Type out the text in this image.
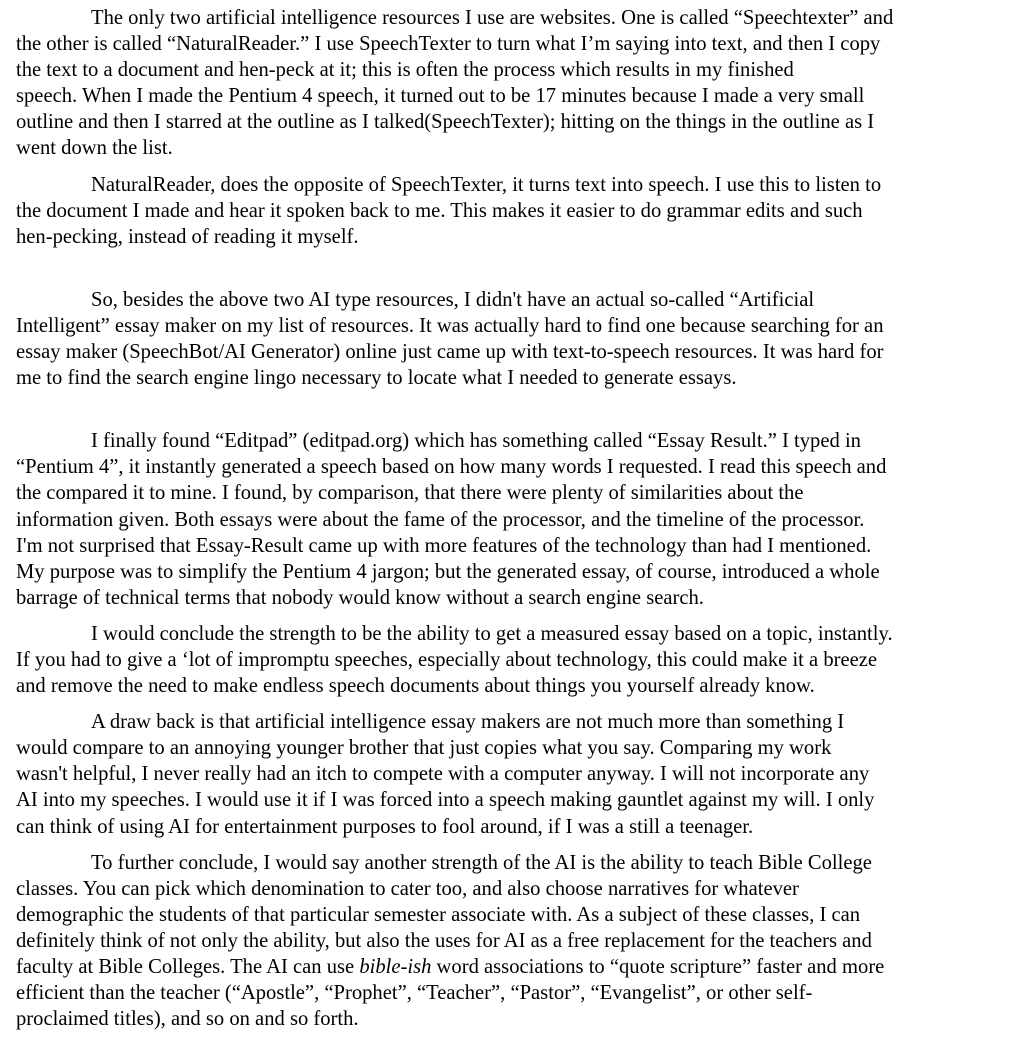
The only two artificial intelligence resources I use are websites. One is called “Speechtexter” and
the other is called “NaturalReader.” I use SpeechTexter to turn what I’m saying into text, and then I copy
the text to a document and hen-peck at it; this is often the process which results in my finished
speech. When I made the Pentium 4 speech, it turned out to be 17 minutes because I made a very small
outline and then I starred at the outline as I talked(SpeechTexter); hitting on the things in the outline as I
went down the list.

NaturalReader, does the opposite of SpeechTexter, it turns text into speech. I use this to listen to
the document I made and hear it spoken back to me. This makes it easier to do grammar edits and such
hen-pecking, instead of reading it myself.

So, besides the above two AI type resources, I didn't have an actual so-called “Artificial
Intelligent” essay maker on my list of resources. It was actually hard to find one because searching for an
essay maker (SpeechBot/AI Generator) online just came up with text-to-speech resources. It was hard for
me to find the search engine lingo necessary to locate what I needed to generate essays.

I finally found “Editpad” (editpad.org) which has something called “Essay Result.” I typed in
“Pentium 4”, it instantly generated a speech based on how many words I requested. I read this speech and
the compared it to mine. I found, by comparison, that there were plenty of similarities about the
information given. Both essays were about the fame of the processor, and the timeline of the processor.
I'm not surprised that Essay-Result came up with more features of the technology than had I mentioned.
My purpose was to simplify the Pentium 4 jargon; but the generated essay, of course, introduced a whole
barrage of technical terms that nobody would know without a search engine search.

I would conclude the strength to be the ability to get a measured essay based on a topic, instantly.
If you had to give a ‘lot of impromptu speeches, especially about technology, this could make it a breeze
and remove the need to make endless speech documents about things you yourself already know.

A draw back is that artificial intelligence essay makers are not much more than something I
would compare to an annoying younger brother that just copies what you say. Comparing my work
wasn't helpful, I never really had an itch to compete with a computer anyway. I will not incorporate any
AI into my speeches. I would use it if I was forced into a speech making gauntlet against my will. I only
can think of using AI for entertainment purposes to fool around, if I was a still a teenager.

To further conclude, I would say another strength of the AI is the ability to teach Bible College
classes. You can pick which denomination to cater too, and also choose narratives for whatever
demographic the students of that particular semester associate with. As a subject of these classes, I can
definitely think of not only the ability, but also the uses for AI as a free replacement for the teachers and
faculty at Bible Colleges. The AI can use bible-ish word associations to “quote scripture” faster and more
efficient than the teacher (“Apostle”, “Prophet”, “Teacher”, “Pastor”, “Evangelist”, or other self-
proclaimed titles), and so on and so forth.
